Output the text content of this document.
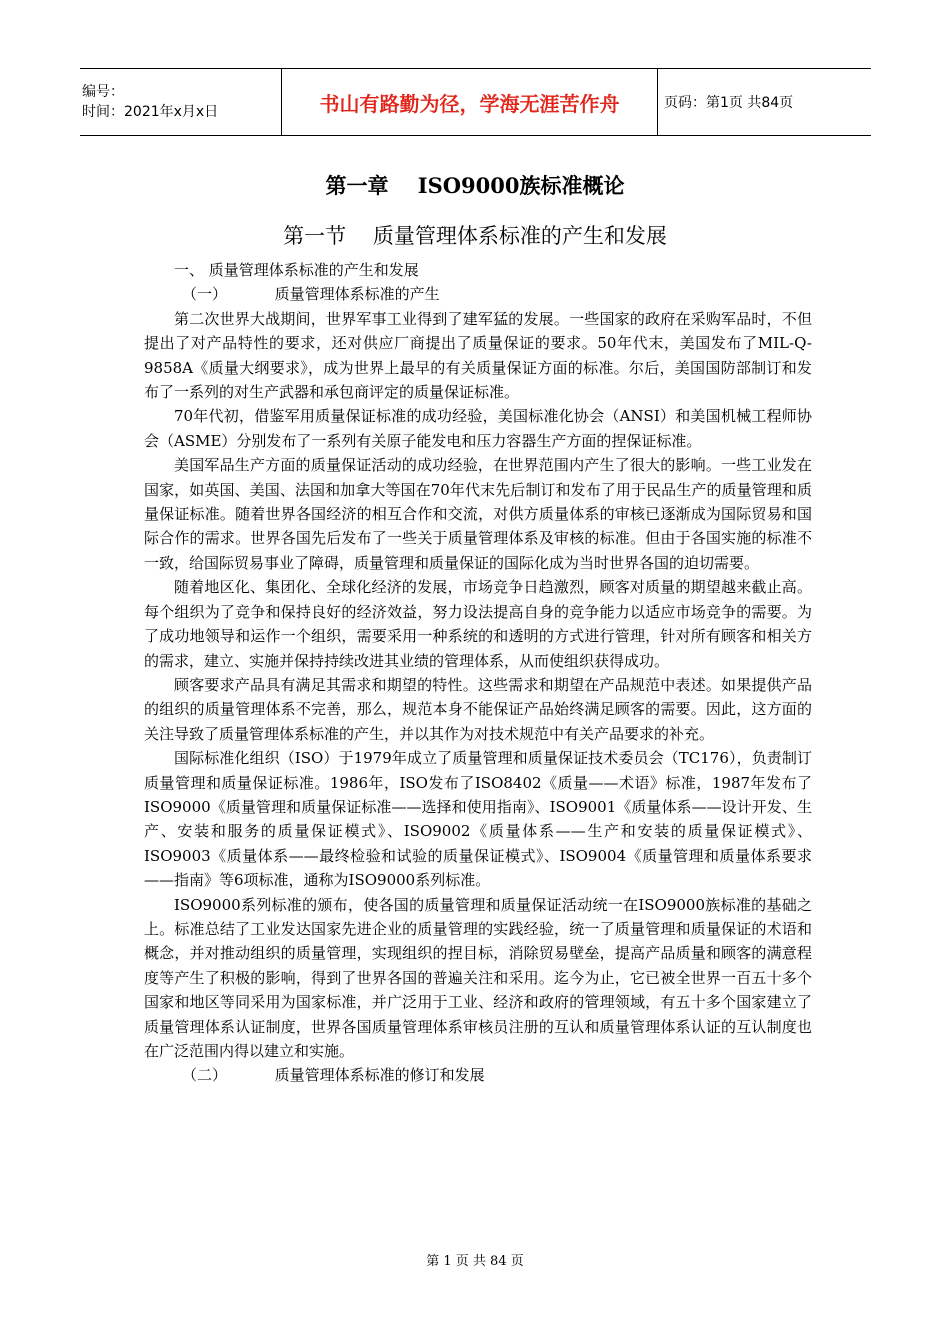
编号：
时间：2021年x月x日	书山有路勤为径，学海无涯苦作舟	页码：第1页 共84页
第一章    ISO9000族标准概论
第一节    质量管理体系标准的产生和发展

一、 质量管理体系标准的产生和发展

（一）          质量管理体系标准的产生

第二次世界大战期间，世界军事工业得到了建军猛的发展。一些国家的政府在采购军品时，不但提出了对产品特性的要求，还对供应厂商提出了质量保证的要求。50年代末，美国发布了MIL-Q-9858A《质量大纲要求》，成为世界上最早的有关质量保证方面的标准。尔后，美国国防部制订和发布了一系列的对生产武器和承包商评定的质量保证标准。

70年代初，借鉴军用质量保证标准的成功经验，美国标准化协会（ANSI）和美国机械工程师协会（ASME）分别发布了一系列有关原子能发电和压力容器生产方面的捏保证标准。

美国军品生产方面的质量保证活动的成功经验，在世界范围内产生了很大的影响。一些工业发在国家，如英国、美国、法国和加拿大等国在70年代末先后制订和发布了用于民品生产的质量管理和质量保证标准。随着世界各国经济的相互合作和交流，对供方质量体系的审核已逐渐成为国际贸易和国际合作的需求。世界各国先后发布了一些关于质量管理体系及审核的标准。但由于各国实施的标准不一致，给国际贸易事业了障碍，质量管理和质量保证的国际化成为当时世界各国的迫切需要。

随着地区化、集团化、全球化经济的发展，市场竞争日趋激烈，顾客对质量的期望越来截止高。每个组织为了竞争和保持良好的经济效益，努力设法提高自身的竞争能力以适应市场竞争的需要。为了成功地领导和运作一个组织，需要采用一种系统的和透明的方式进行管理，针对所有顾客和相关方的需求，建立、实施并保持持续改进其业绩的管理体系，从而使组织获得成功。

顾客要求产品具有满足其需求和期望的特性。这些需求和期望在产品规范中表述。如果提供产品的组织的质量管理体系不完善，那么，规范本身不能保证产品始终满足顾客的需要。因此，这方面的关注导致了质量管理体系标准的产生，并以其作为对技术规范中有关产品要求的补充。

国际标准化组织（ISO）于1979年成立了质量管理和质量保证技术委员会（TC176），负责制订质量管理和质量保证标准。1986年，ISO发布了ISO8402《质量——术语》标准，1987年发布了ISO9000《质量管理和质量保证标准——选择和使用指南》、ISO9001《质量体系——设计开发、生产、安装和服务的质量保证模式》、ISO9002《质量体系——生产和安装的质量保证模式》、ISO9003《质量体系——最终检验和试验的质量保证模式》、ISO9004《质量管理和质量体系要求——指南》等6项标准，通称为ISO9000系列标准。

ISO9000系列标准的颁布，使各国的质量管理和质量保证活动统一在ISO9000族标准的基础之上。标准总结了工业发达国家先进企业的质量管理的实践经验，统一了质量管理和质量保证的术语和概念，并对推动组织的质量管理，实现组织的捏目标，消除贸易壁垒，提高产品质量和顾客的满意程度等产生了积极的影响，得到了世界各国的普遍关注和采用。迄今为止，它已被全世界一百五十多个国家和地区等同采用为国家标准，并广泛用于工业、经济和政府的管理领域，有五十多个国家建立了质量管理体系认证制度，世界各国质量管理体系审核员注册的互认和质量管理体系认证的互认制度也在广泛范围内得以建立和实施。

（二）          质量管理体系标准的修订和发展

第 1 页 共 84 页
